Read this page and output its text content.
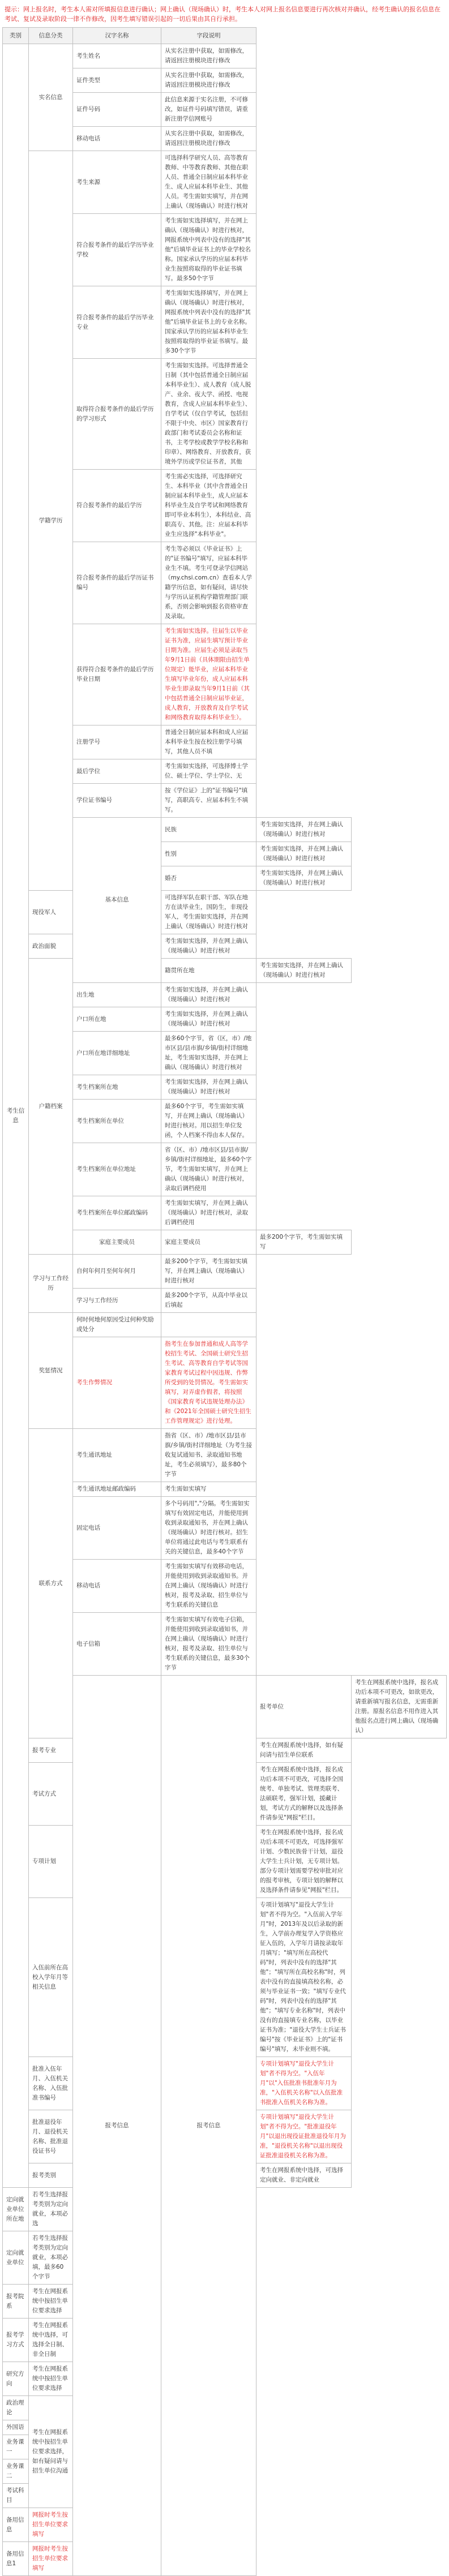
提示：网上报名时，考生本人需对所填报信息进行确认；网上确认（现场确认）时，考生本人对网上报名信息要进行再次核对并确认，经考生确认的报名信息在考试、复试及录取阶段一律不作修改，因考生填写错误引起的一切后果由其自行承担。
类别	信息分类	汉字名称	字段说明		
考生信息	实名信息	考生姓名	从实名注册中获取，如需修改，请返回注册模块进行修改		
		证件类型	从实名注册中获取，如需修改，请返回注册模块进行修改		
		证件号码	此信息来源于实名注册，不可修改，如证件号码填写错误，请重新注册学信网账号		
		移动电话	从实名注册中获取，如需修改，请返回注册模块进行修改		
	学籍学历	考生来源	可选择科学研究人员、高等教育教师、中等教育教师、其他在职人员、普通全日制应届本科毕业生、成人应届本科毕业生、其他人员。考生需如实填写，并在网上确认（现场确认）时进行核对		
		符合报考条件的最后学历毕业学校	考生需如实选择填写，并在网上确认（现场确认）时进行核对，网报系统中列表中没有的选择"其他"后填毕业证书上的毕业学校名称。国家承认学历的应届本科毕业生按照将取得的毕业证书填写。最多50个字节		
		符合报考条件的最后学历毕业专业	考生需如实选择填写，并在网上确认（现场确认）时进行核对，网报系统中列表中没有的选择"其他"后填毕业证书上的专业名称。国家承认学历的应届本科毕业生按照将取得的毕业证书填写。最多30个字节		
		取得符合报考条件的最后学历的学习形式	考生需如实选择。可选择普通全日制（其中包括普通全日制应届本科毕业生）、成人教育（成人脱产、业余、夜大学、函授、电视教育，含成人应届本科毕业生）、自学考试（仅自学考试，包括但不限于中央、市区）国家教育行政部门和考试委员会名称和证书，主考学校或教学学校名称和印章）、网络教育、开放教育，获境外学历或学位证书者，其他		
		符合报考条件的最后学历	考生需必实选择，可选择研究生、本科毕业（其中含普通全日制应届本科毕业生，成人应届本科毕业生及自学考试和网络教育即可毕业本科生），本科结业、高职高专、其他。注：应届本科毕业生应选择"本科毕业"。		
		符合报考条件的最后学历证书编号	考生等必须以《毕业证书》上的"证书编号"填写，应届本科毕业生不填。考生可登录学信网站（my.chsi.com.cn）查看本人学籍学历信息，如有疑问，请尽快与学历认证机构学籍管理部门联系，否则会影响到报名资格审查及录取。		
		获得符合报考条件的最后学历毕业日期	考生需如实选择。往届生以毕业证书为准，应届生填写预计毕业日期为准。应届生必须是录取当年9月1日前（具体期限由招生单位规定）能毕业，应届本科毕业生填写毕业年份，成人应届本科毕业生即录取当年9月1日前（其中包括普通全日制应届毕业证，成人教育，开放教育及自学考试和网络教育取得本科毕业生）。		
		注册学号	普通全日制应届本科和成人应届本科毕业生按在校注册学号填写，其他人员不填		
		最后学位	考生需如实选择，可选择博士学位、硕士学位、学士学位、无		
		学位证书编号	按《学位证》上的"证书编号"填写，高职高专、应届本科生不填写。		
		基本信息	民族	考生需如实选择，并在网上确认（现场确认）时进行核对	
			性别	考生需如实选择，并在网上确认（现场确认）时进行核对	
			婚否	考生需如实选择，并在网上确认（现场确认）时进行核对	
	现役军人		可选择军队在职干部、军队在地方在读毕业生，国防生，非现役军人，考生需如实选择，并在网上确认（现场确认）时进行核对		
	政治面貌		考生需如实选择，并在网上确认（现场确认）时进行核对		
	户籍档案		籍贯所在地	考生需如实选择，并在网上确认（现场确认）时进行核对	
		出生地	考生需如实选择，并在网上确认（现场确认）时进行核对		
		户口所在地	考生需如实选择，并在网上确认（现场确认）时进行核对		
		户口所在地详细地址	最多60个字节，省（区，市）/地市区县/县市旗/乡镇/街村详细地址，考生需如实选择，并在网上确认（现场确认）时进行核对		
		考生档案所在地	考生需如实选择，并在网上确认（现场确认）时进行核对		
		考生档案所在单位	最多60个字节，考生需如实填写，并在网上确认（现场确认）时进行核对。用以招生单位发函，个人档案不得由本人保存。		
		考生档案所在单位地址	省（区、市）/地市区县/县市旗/乡镇/街村详细地址，最多60个字节，考生需如实填写，并在网上确认（现场确认）时进行核对，录取后调档使用		
		考生档案所在单位邮政编码	考生需如实填写，并在网上确认（现场确认）时进行核对，录取后调档使用		
		家庭主要成员	家庭主要成员	最多200个字节，考生需如实填写	
	学习与工作经历	自何年何月至何年何月	最多200个字节，考生需如实填写，并在网上确认（现场确认）时进行核对		
		学习与工作经历	最多200个字节，从高中毕业以后填起		
	奖惩情况	何时何地何原因受过何种奖励或处分			
		考生作弊情况	指考生在参加普通和成人高等学校招生考试、全国硕士研究生招生考试、高等教育自学考试等国家教育考试过程中因违规、作弊所受到的处罚情况。考生需如实填写，对弄虚作假者，将按照《国家教育考试违规处理办法》和《2021年全国硕士研究生招生工作管理规定》进行处理。		
	联系方式	考生通讯地址	指省（区、市）/地市区县/县市旗/乡镇/街村详细地址（为考生接收复试通知书、录取通知书地址，考生必须填写），最多80个字节		
		考生通讯地址邮政编码	考生需如实填写		
		固定电话	多个号码用","分隔。考生需如实填写有效固定电话，并能使用到收到录取通知书，并在网上确认（现场确认）时进行核对。招生单位将通过此电话与考生联系有关的关键信息，最多40个字节		
		移动电话	考生需如实填写有效移动电话，并能使用到收到录取通知书。并在网上确认（现场确认）时进行核对，报考及录取、招生单位与考生联系的关键信息		
		电子信箱	考生需如实填写有效电子信箱，并能使用到收到录取通知书，并在网上确认（现场确认）时进行核对，报考及录取、招生单位与考生联系的关键信息，最多30个字节		
		报考信息	报考信息	报考单位	考生在网报系统中选择，报名成功后本项不可更改，如欲更改，请重新填写报名信息，无需重新注册。原报名信息不用作进入其他报名点进行网上确认（现场确认）
	报考专业			考生在网报系统中选择，如有疑问请与招生单位联系	
	考试方式			考生在网报系统中选择，报名成功后本项不可更改，可选择全国统考、单独考试、管理类联考、法硕联考，强军计划，援藏计划，考试方式的解释以及选择条件请参见"网报"栏目。	
	专项计划			考生在网报系统中选择，报名成功后本项不可更改，可选择强军计划、少数民族骨干计划，退役大学生士兵计划，无专项计划。部分专项计划需要学校审批对应的报考审核，专项计划的解释以及选择条件请参见"网报"栏目。	
	入伍前所在高校入学年月等相关信息			专项计划填写"退役大学生计划"者不得为空。"入伍前入学年月"时，2013年及以后录取的新生，入学前办理复学入学资格应征入伍的，入学年月请按录取年月填写；"填写所在高校代码"时，列表中没有的选择"其他"；"填写所在高校名称"时，列表中没有的直接填高校名称，必须与毕业证书一致；"填写专业代码"时，列表中没有的选择"其他"；"填写专业名称"时，列表中没有的直接填专业名称，以毕业证书为准；"退役大学生士兵证书编号"按《毕业证书》上的"证书编号"填写，未毕业则不填。	
	批准入伍年月、入伍机关名称、入伍批准书编号			专项计划填写"退役大学生计划"者不得为空。"入伍年月"以"入伍批准书批准年月为准，"入伍机关名称"以入伍批准书批准入伍机关名称为准。	
	批准退役年月、退役机关名称、批准退役证书号			专项计划填写"退役大学生计划"者不得为空。"批准退役年月"以退出现役证批准退役年月为准，"退役机关名称"以退出现役证批准退役机关名称为准。	
	报考类别			考生在网报系统中选择，可选择定向就业、非定向就业	
定向就业单位所在地	若考生选择报考类别为定向就业，本项必选				
定向就业单位	若考生选择报考类别为定向就业，本项必填，最多60个字节				
报考院系	考生在网报系统中按招生单位要求选择				
报考学习方式	考生在网报系统中选择，可选择全日制、非全日制				
研究方向	考生在网报系统中按招生单位要求选择				
政治理论	考生在网报系统中按招生单位要求选择，如有疑问请与招生单位沟通				
外国语					
业务课一					
业务课二					
考试科目					
备用信息	网报时考生按招生单位要求填写				
备用信息1	网报时考生按招生单位要求填写				
